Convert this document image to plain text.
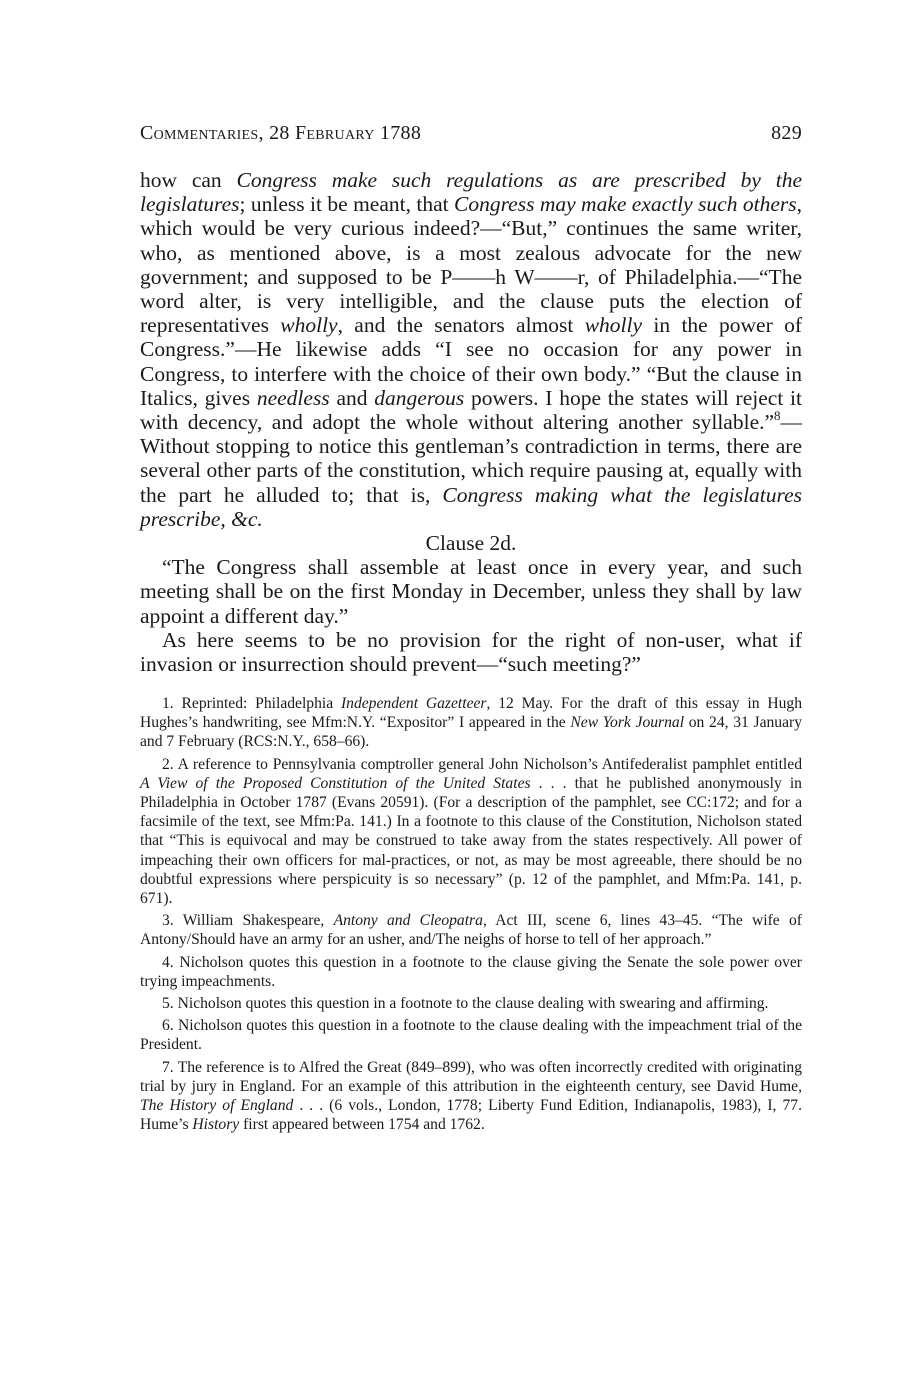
Commentaries, 28 February 1788	829

how can Congress make such regulations as are prescribed by the legislatures; unless it be meant, that Congress may make exactly such others, which would be very curious indeed?—“But,” continues the same writer, who, as mentioned above, is a most zealous advocate for the new government; and supposed to be P——h W——r, of Philadelphia.—“The word alter, is very intelligible, and the clause puts the election of representatives wholly, and the senators almost wholly in the power of Congress.”—He likewise adds “I see no occasion for any power in Congress, to interfere with the choice of their own body.” “But the clause in Italics, gives needless and dangerous powers. I hope the states will reject it with decency, and adopt the whole without altering another syllable.”$^8$—Without stopping to notice this gentleman’s contradiction in terms, there are several other parts of the constitution, which require pausing at, equally with the part he alluded to; that is, Congress making what the legislatures prescribe, &c.

Clause 2d.

“The Congress shall assemble at least once in every year, and such meeting shall be on the first Monday in December, unless they shall by law appoint a different day.”

As here seems to be no provision for the right of non-user, what if invasion or insurrection should prevent—“such meeting?”

1. Reprinted: Philadelphia Independent Gazetteer, 12 May. For the draft of this essay in Hugh Hughes’s handwriting, see Mfm:N.Y. “Expositor” I appeared in the New York Journal on 24, 31 January and 7 February (RCS:N.Y., 658–66).

2. A reference to Pennsylvania comptroller general John Nicholson’s Antifederalist pamphlet entitled A View of the Proposed Constitution of the United States . . . that he published anonymously in Philadelphia in October 1787 (Evans 20591). (For a description of the pamphlet, see CC:172; and for a facsimile of the text, see Mfm:Pa. 141.) In a footnote to this clause of the Constitution, Nicholson stated that “This is equivocal and may be construed to take away from the states respectively. All power of impeaching their own officers for mal-practices, or not, as may be most agreeable, there should be no doubtful expressions where perspicuity is so necessary” (p. 12 of the pamphlet, and Mfm:Pa. 141, p. 671).

3. William Shakespeare, Antony and Cleopatra, Act III, scene 6, lines 43–45. “The wife of Antony/Should have an army for an usher, and/The neighs of horse to tell of her approach.”

4. Nicholson quotes this question in a footnote to the clause giving the Senate the sole power over trying impeachments.

5. Nicholson quotes this question in a footnote to the clause dealing with swearing and affirming.

6. Nicholson quotes this question in a footnote to the clause dealing with the impeachment trial of the President.

7. The reference is to Alfred the Great (849–899), who was often incorrectly credited with originating trial by jury in England. For an example of this attribution in the eighteenth century, see David Hume, The History of England . . . (6 vols., London, 1778; Liberty Fund Edition, Indianapolis, 1983), I, 77. Hume’s History first appeared between 1754 and 1762.
